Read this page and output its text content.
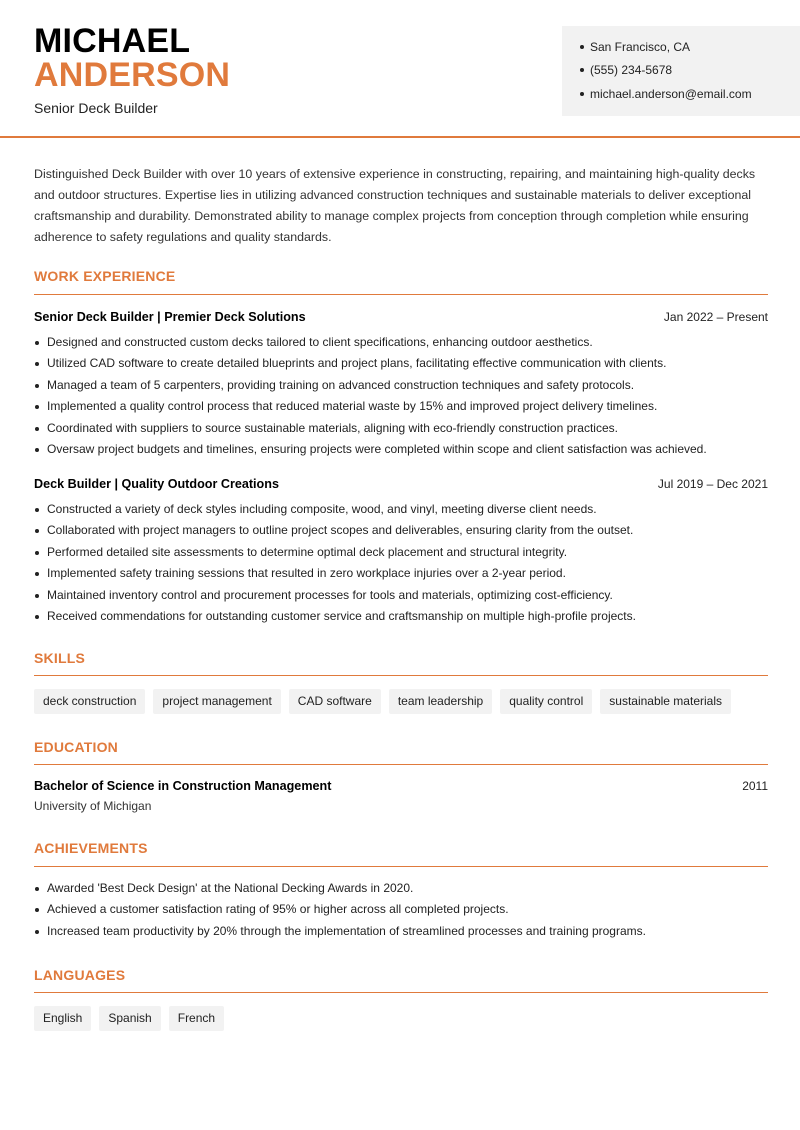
MICHAEL
ANDERSON
Senior Deck Builder
San Francisco, CA
(555) 234-5678
michael.anderson@email.com
Distinguished Deck Builder with over 10 years of extensive experience in constructing, repairing, and maintaining high-quality decks and outdoor structures. Expertise lies in utilizing advanced construction techniques and sustainable materials to deliver exceptional craftsmanship and durability. Demonstrated ability to manage complex projects from conception through completion while ensuring adherence to safety regulations and quality standards.
WORK EXPERIENCE
Senior Deck Builder | Premier Deck Solutions	Jan 2022 – Present
Designed and constructed custom decks tailored to client specifications, enhancing outdoor aesthetics.
Utilized CAD software to create detailed blueprints and project plans, facilitating effective communication with clients.
Managed a team of 5 carpenters, providing training on advanced construction techniques and safety protocols.
Implemented a quality control process that reduced material waste by 15% and improved project delivery timelines.
Coordinated with suppliers to source sustainable materials, aligning with eco-friendly construction practices.
Oversaw project budgets and timelines, ensuring projects were completed within scope and client satisfaction was achieved.
Deck Builder | Quality Outdoor Creations	Jul 2019 – Dec 2021
Constructed a variety of deck styles including composite, wood, and vinyl, meeting diverse client needs.
Collaborated with project managers to outline project scopes and deliverables, ensuring clarity from the outset.
Performed detailed site assessments to determine optimal deck placement and structural integrity.
Implemented safety training sessions that resulted in zero workplace injuries over a 2-year period.
Maintained inventory control and procurement processes for tools and materials, optimizing cost-efficiency.
Received commendations for outstanding customer service and craftsmanship on multiple high-profile projects.
SKILLS
deck construction	project management	CAD software	team leadership	quality control	sustainable materials
EDUCATION
Bachelor of Science in Construction Management	2011
University of Michigan
ACHIEVEMENTS
Awarded 'Best Deck Design' at the National Decking Awards in 2020.
Achieved a customer satisfaction rating of 95% or higher across all completed projects.
Increased team productivity by 20% through the implementation of streamlined processes and training programs.
LANGUAGES
English	Spanish	French
